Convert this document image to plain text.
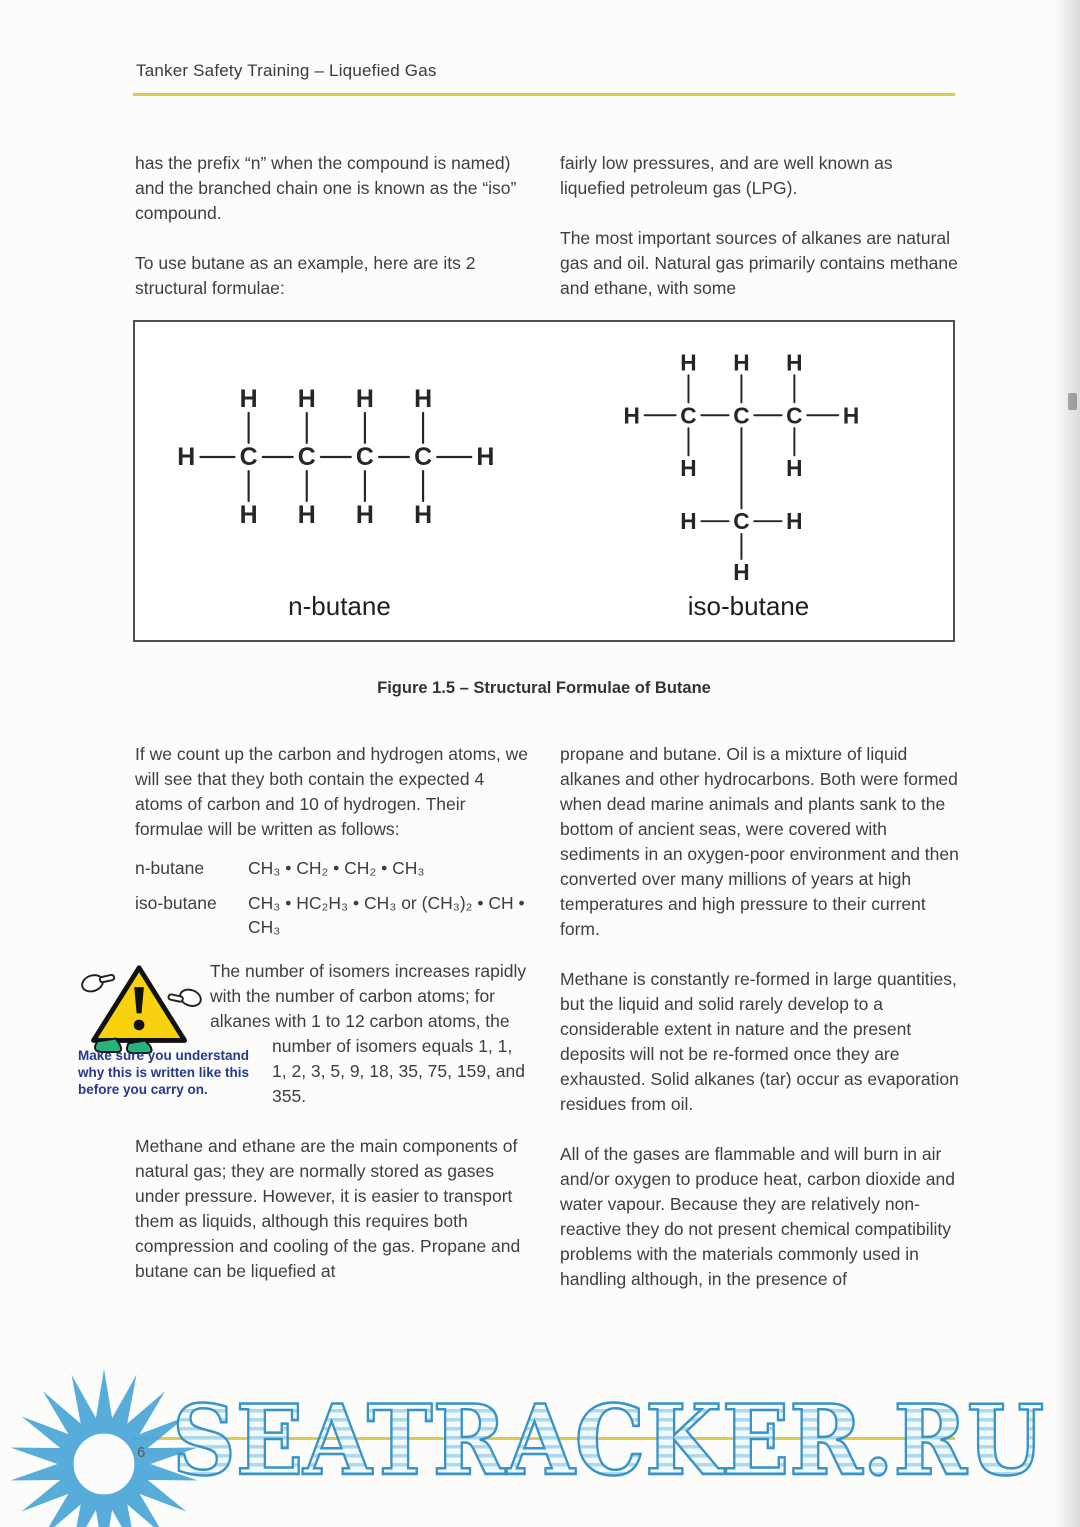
Tanker Safety Training – Liquefied Gas

has the prefix “n” when the compound is named) and the branched chain one is known as the “iso” compound.

To use butane as an example, here are its 2 structural formulae:

fairly low pressures, and are well known as liquefied petroleum gas (LPG).

The most important sources of alkanes are natural gas and oil. Natural gas primarily contains methane and ethane, with some

H C C C C H
H H H H
H H H H
n-butane
H C C C H
H H H
H	H
C
H	H
H
iso-butane
Figure 1.5 – Structural Formulae of Butane

If we count up the carbon and hydrogen atoms, we will see that they both contain the expected 4 atoms of carbon and 10 of hydrogen. Their formulae will be written as follows:

n-butane	CH₃ • CH₂ • CH₂ • CH₃
iso-butane	CH₃ • HC₂H₃ • CH₃ or (CH₃)₂ • CH • CH₃
Make sure you understand why this is written like this before you carry on.

The number of isomers increases rapidly with the number of carbon atoms; for alkanes with 1 to 12 carbon atoms, the number of isomers equals 1, 1, 1, 2, 3, 5, 9, 18, 35, 75, 159, and 355.

Methane and ethane are the main components of natural gas; they are normally stored as gases under pressure. However, it is easier to transport them as liquids, although this requires both compression and cooling of the gas. Propane and butane can be liquefied at

propane and butane. Oil is a mixture of liquid alkanes and other hydrocarbons. Both were formed when dead marine animals and plants sank to the bottom of ancient seas, were covered with sediments in an oxygen-poor environment and then converted over many millions of years at high temperatures and high pressure to their current form.

Methane is constantly re-formed in large quantities, but the liquid and solid rarely develop to a considerable extent in nature and the present deposits will not be re-formed once they are exhausted. Solid alkanes (tar) occur as evaporation residues from oil.

All of the gases are flammable and will burn in air and/or oxygen to produce heat, carbon dioxide and water vapour. Because they are relatively non-reactive they do not present chemical compatibility problems with the materials commonly used in handling although, in the presence of

6 SEATRACKER.RU
